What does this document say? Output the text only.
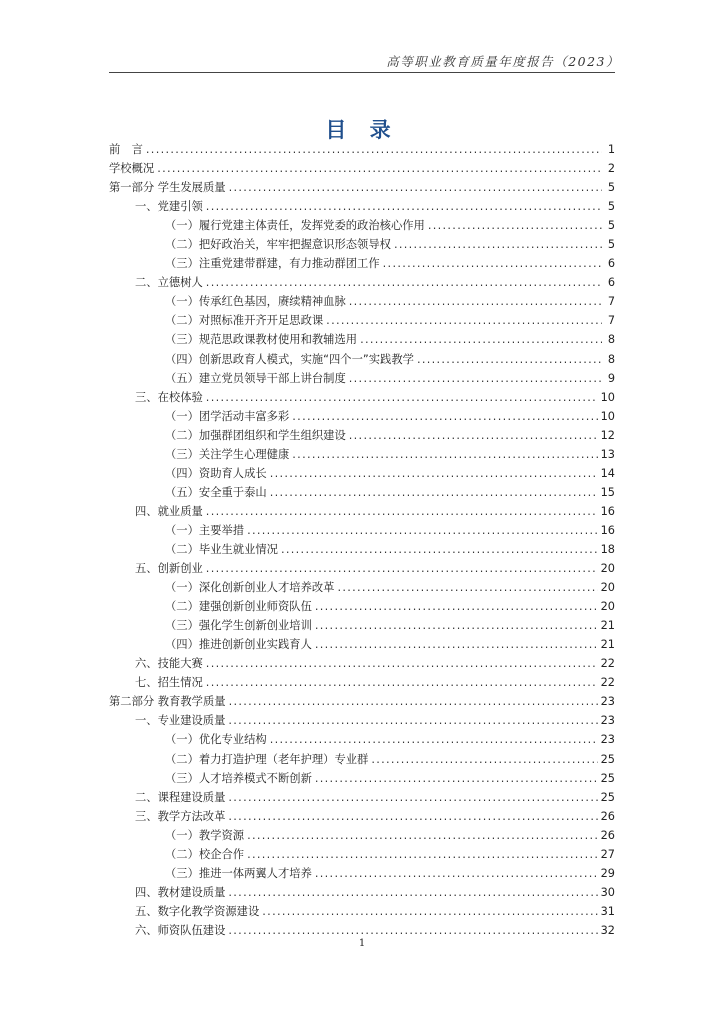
高等职业教育质量年度报告（2023）
目 录
前　言 .....	1
学校概况 .....	2
第一部分 学生发展质量 .....	5
一、党建引领 .....	5
（一）履行党建主体责任，发挥党委的政治核心作用 .....	5
（二）把好政治关，牢牢把握意识形态领导权 .....	5
（三）注重党建带群建，有力推动群团工作 .....	6
二、立德树人 .....	6
（一）传承红色基因，赓续精神血脉 .....	7
（二）对照标准开齐开足思政课 .....	7
（三）规范思政课教材使用和教辅选用 .....	8
（四）创新思政育人模式，实施“四个一”实践教学 .....	8
（五）建立党员领导干部上讲台制度 .....	9
三、在校体验 .....	10
（一）团学活动丰富多彩 .....	10
（二）加强群团组织和学生组织建设 .....	12
（三）关注学生心理健康 .....	13
（四）资助育人成长 .....	14
（五）安全重于泰山 .....	15
四、就业质量 .....	16
（一）主要举措 .....	16
（二）毕业生就业情况 .....	18
五、创新创业 .....	20
（一）深化创新创业人才培养改革 .....	20
（二）建强创新创业师资队伍 .....	20
（三）强化学生创新创业培训 .....	21
（四）推进创新创业实践育人 .....	21
六、技能大赛 .....	22
七、招生情况 .....	22
第二部分 教育教学质量 .....	23
一、专业建设质量 .....	23
（一）优化专业结构 .....	23
（二）着力打造护理（老年护理）专业群 .....	25
（三）人才培养模式不断创新 .....	25
二、课程建设质量 .....	25
三、教学方法改革 .....	26
（一）教学资源 .....	26
（二）校企合作 .....	27
（三）推进一体两翼人才培养 .....	29
四、教材建设质量 .....	30
五、数字化教学资源建设 .....	31
六、师资队伍建设 .....	32
1
